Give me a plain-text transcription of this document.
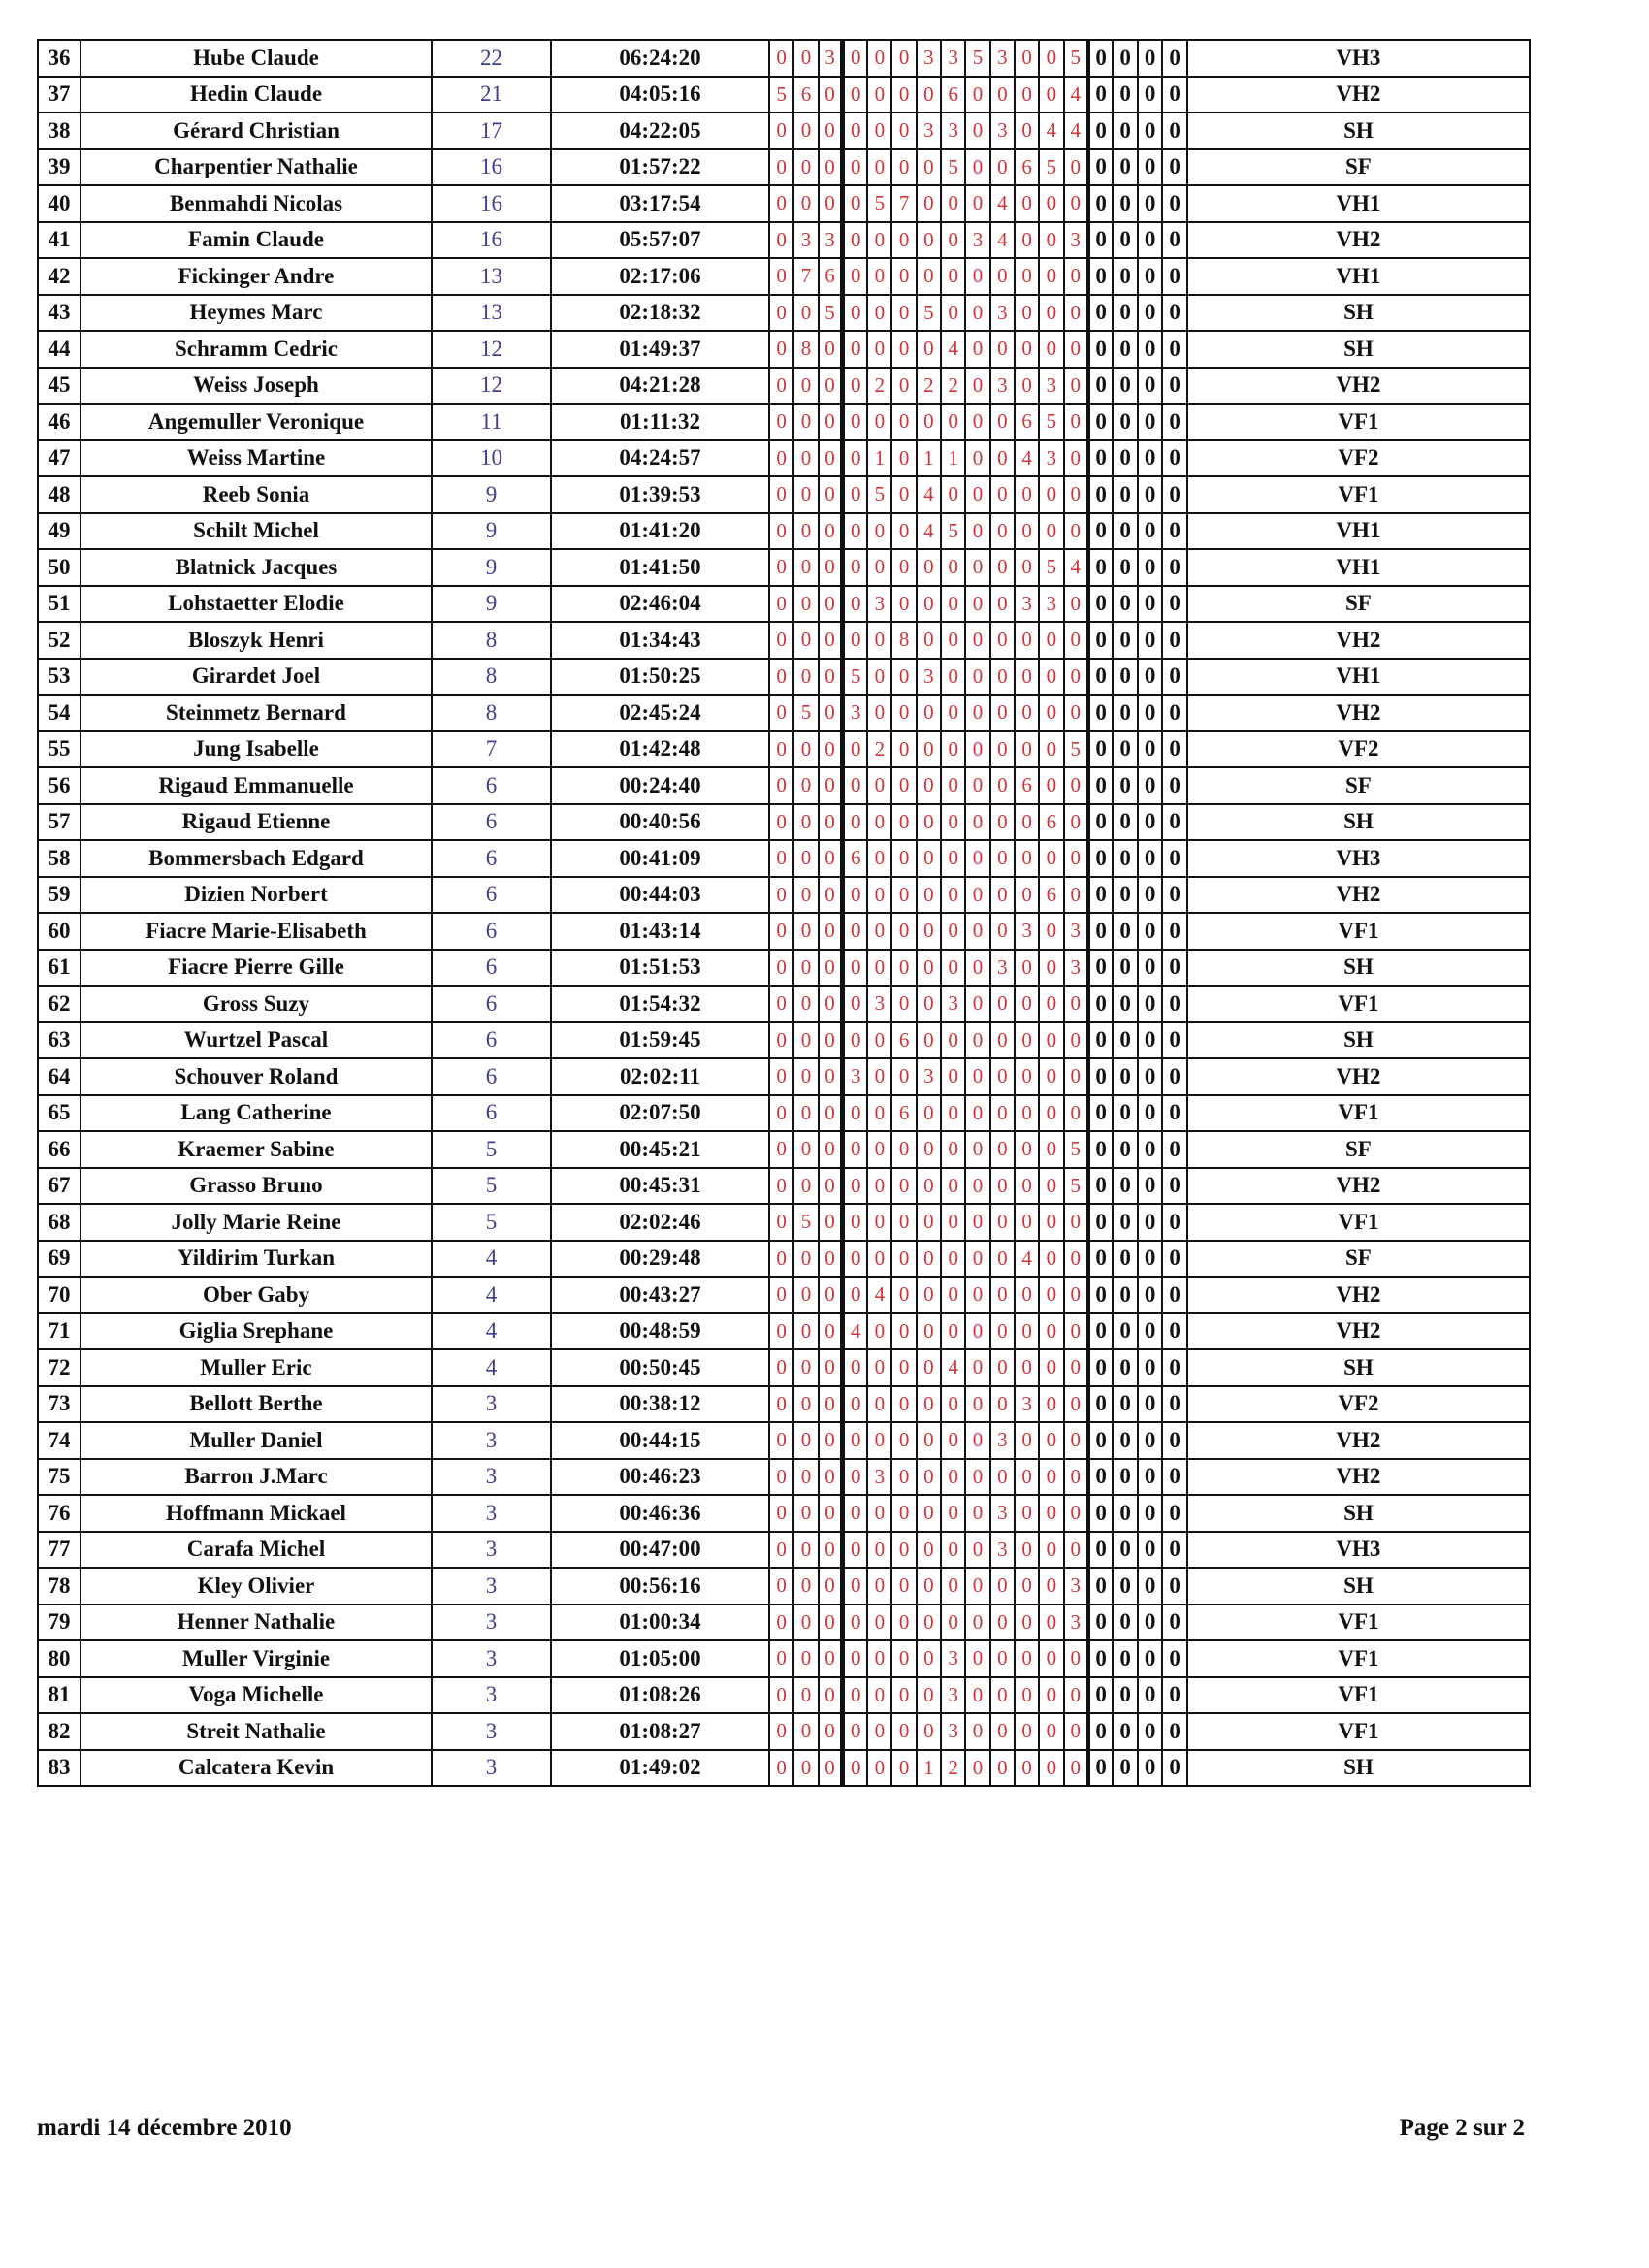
36	Hube Claude	22	06:24:20	0	0	3	0	0	0	3	3	5	3	0	0	5	0	0	0	0	VH3
37	Hedin Claude	21	04:05:16	5	6	0	0	0	0	0	6	0	0	0	0	4	0	0	0	0	VH2
38	Gérard Christian	17	04:22:05	0	0	0	0	0	0	3	3	0	3	0	4	4	0	0	0	0	SH
39	Charpentier Nathalie	16	01:57:22	0	0	0	0	0	0	0	5	0	0	6	5	0	0	0	0	0	SF
40	Benmahdi Nicolas	16	03:17:54	0	0	0	0	5	7	0	0	0	4	0	0	0	0	0	0	0	VH1
41	Famin Claude	16	05:57:07	0	3	3	0	0	0	0	0	3	4	0	0	3	0	0	0	0	VH2
42	Fickinger Andre	13	02:17:06	0	7	6	0	0	0	0	0	0	0	0	0	0	0	0	0	0	VH1
43	Heymes Marc	13	02:18:32	0	0	5	0	0	0	5	0	0	3	0	0	0	0	0	0	0	SH
44	Schramm Cedric	12	01:49:37	0	8	0	0	0	0	0	4	0	0	0	0	0	0	0	0	0	SH
45	Weiss Joseph	12	04:21:28	0	0	0	0	2	0	2	2	0	3	0	3	0	0	0	0	0	VH2
46	Angemuller Veronique	11	01:11:32	0	0	0	0	0	0	0	0	0	0	6	5	0	0	0	0	0	VF1
47	Weiss Martine	10	04:24:57	0	0	0	0	1	0	1	1	0	0	4	3	0	0	0	0	0	VF2
48	Reeb Sonia	9	01:39:53	0	0	0	0	5	0	4	0	0	0	0	0	0	0	0	0	0	VF1
49	Schilt Michel	9	01:41:20	0	0	0	0	0	0	4	5	0	0	0	0	0	0	0	0	0	VH1
50	Blatnick Jacques	9	01:41:50	0	0	0	0	0	0	0	0	0	0	0	5	4	0	0	0	0	VH1
51	Lohstaetter Elodie	9	02:46:04	0	0	0	0	3	0	0	0	0	0	3	3	0	0	0	0	0	SF
52	Bloszyk Henri	8	01:34:43	0	0	0	0	0	8	0	0	0	0	0	0	0	0	0	0	0	VH2
53	Girardet Joel	8	01:50:25	0	0	0	5	0	0	3	0	0	0	0	0	0	0	0	0	0	VH1
54	Steinmetz Bernard	8	02:45:24	0	5	0	3	0	0	0	0	0	0	0	0	0	0	0	0	0	VH2
55	Jung Isabelle	7	01:42:48	0	0	0	0	2	0	0	0	0	0	0	0	5	0	0	0	0	VF2
56	Rigaud Emmanuelle	6	00:24:40	0	0	0	0	0	0	0	0	0	0	6	0	0	0	0	0	0	SF
57	Rigaud Etienne	6	00:40:56	0	0	0	0	0	0	0	0	0	0	0	6	0	0	0	0	0	SH
58	Bommersbach Edgard	6	00:41:09	0	0	0	6	0	0	0	0	0	0	0	0	0	0	0	0	0	VH3
59	Dizien Norbert	6	00:44:03	0	0	0	0	0	0	0	0	0	0	0	6	0	0	0	0	0	VH2
60	Fiacre Marie-Elisabeth	6	01:43:14	0	0	0	0	0	0	0	0	0	0	3	0	3	0	0	0	0	VF1
61	Fiacre Pierre Gille	6	01:51:53	0	0	0	0	0	0	0	0	0	3	0	0	3	0	0	0	0	SH
62	Gross Suzy	6	01:54:32	0	0	0	0	3	0	0	3	0	0	0	0	0	0	0	0	0	VF1
63	Wurtzel Pascal	6	01:59:45	0	0	0	0	0	6	0	0	0	0	0	0	0	0	0	0	0	SH
64	Schouver Roland	6	02:02:11	0	0	0	3	0	0	3	0	0	0	0	0	0	0	0	0	0	VH2
65	Lang Catherine	6	02:07:50	0	0	0	0	0	6	0	0	0	0	0	0	0	0	0	0	0	VF1
66	Kraemer Sabine	5	00:45:21	0	0	0	0	0	0	0	0	0	0	0	0	5	0	0	0	0	SF
67	Grasso Bruno	5	00:45:31	0	0	0	0	0	0	0	0	0	0	0	0	5	0	0	0	0	VH2
68	Jolly Marie Reine	5	02:02:46	0	5	0	0	0	0	0	0	0	0	0	0	0	0	0	0	0	VF1
69	Yildirim Turkan	4	00:29:48	0	0	0	0	0	0	0	0	0	0	4	0	0	0	0	0	0	SF
70	Ober Gaby	4	00:43:27	0	0	0	0	4	0	0	0	0	0	0	0	0	0	0	0	0	VH2
71	Giglia Srephane	4	00:48:59	0	0	0	4	0	0	0	0	0	0	0	0	0	0	0	0	0	VH2
72	Muller Eric	4	00:50:45	0	0	0	0	0	0	0	4	0	0	0	0	0	0	0	0	0	SH
73	Bellott Berthe	3	00:38:12	0	0	0	0	0	0	0	0	0	0	3	0	0	0	0	0	0	VF2
74	Muller Daniel	3	00:44:15	0	0	0	0	0	0	0	0	0	3	0	0	0	0	0	0	0	VH2
75	Barron J.Marc	3	00:46:23	0	0	0	0	3	0	0	0	0	0	0	0	0	0	0	0	0	VH2
76	Hoffmann Mickael	3	00:46:36	0	0	0	0	0	0	0	0	0	3	0	0	0	0	0	0	0	SH
77	Carafa Michel	3	00:47:00	0	0	0	0	0	0	0	0	0	3	0	0	0	0	0	0	0	VH3
78	Kley Olivier	3	00:56:16	0	0	0	0	0	0	0	0	0	0	0	0	3	0	0	0	0	SH
79	Henner Nathalie	3	01:00:34	0	0	0	0	0	0	0	0	0	0	0	0	3	0	0	0	0	VF1
80	Muller Virginie	3	01:05:00	0	0	0	0	0	0	0	3	0	0	0	0	0	0	0	0	0	VF1
81	Voga Michelle	3	01:08:26	0	0	0	0	0	0	0	3	0	0	0	0	0	0	0	0	0	VF1
82	Streit Nathalie	3	01:08:27	0	0	0	0	0	0	0	3	0	0	0	0	0	0	0	0	0	VF1
83	Calcatera Kevin	3	01:49:02	0	0	0	0	0	0	1	2	0	0	0	0	0	0	0	0	0	SH
mardi 14 décembre 2010	Page 2 sur 2
